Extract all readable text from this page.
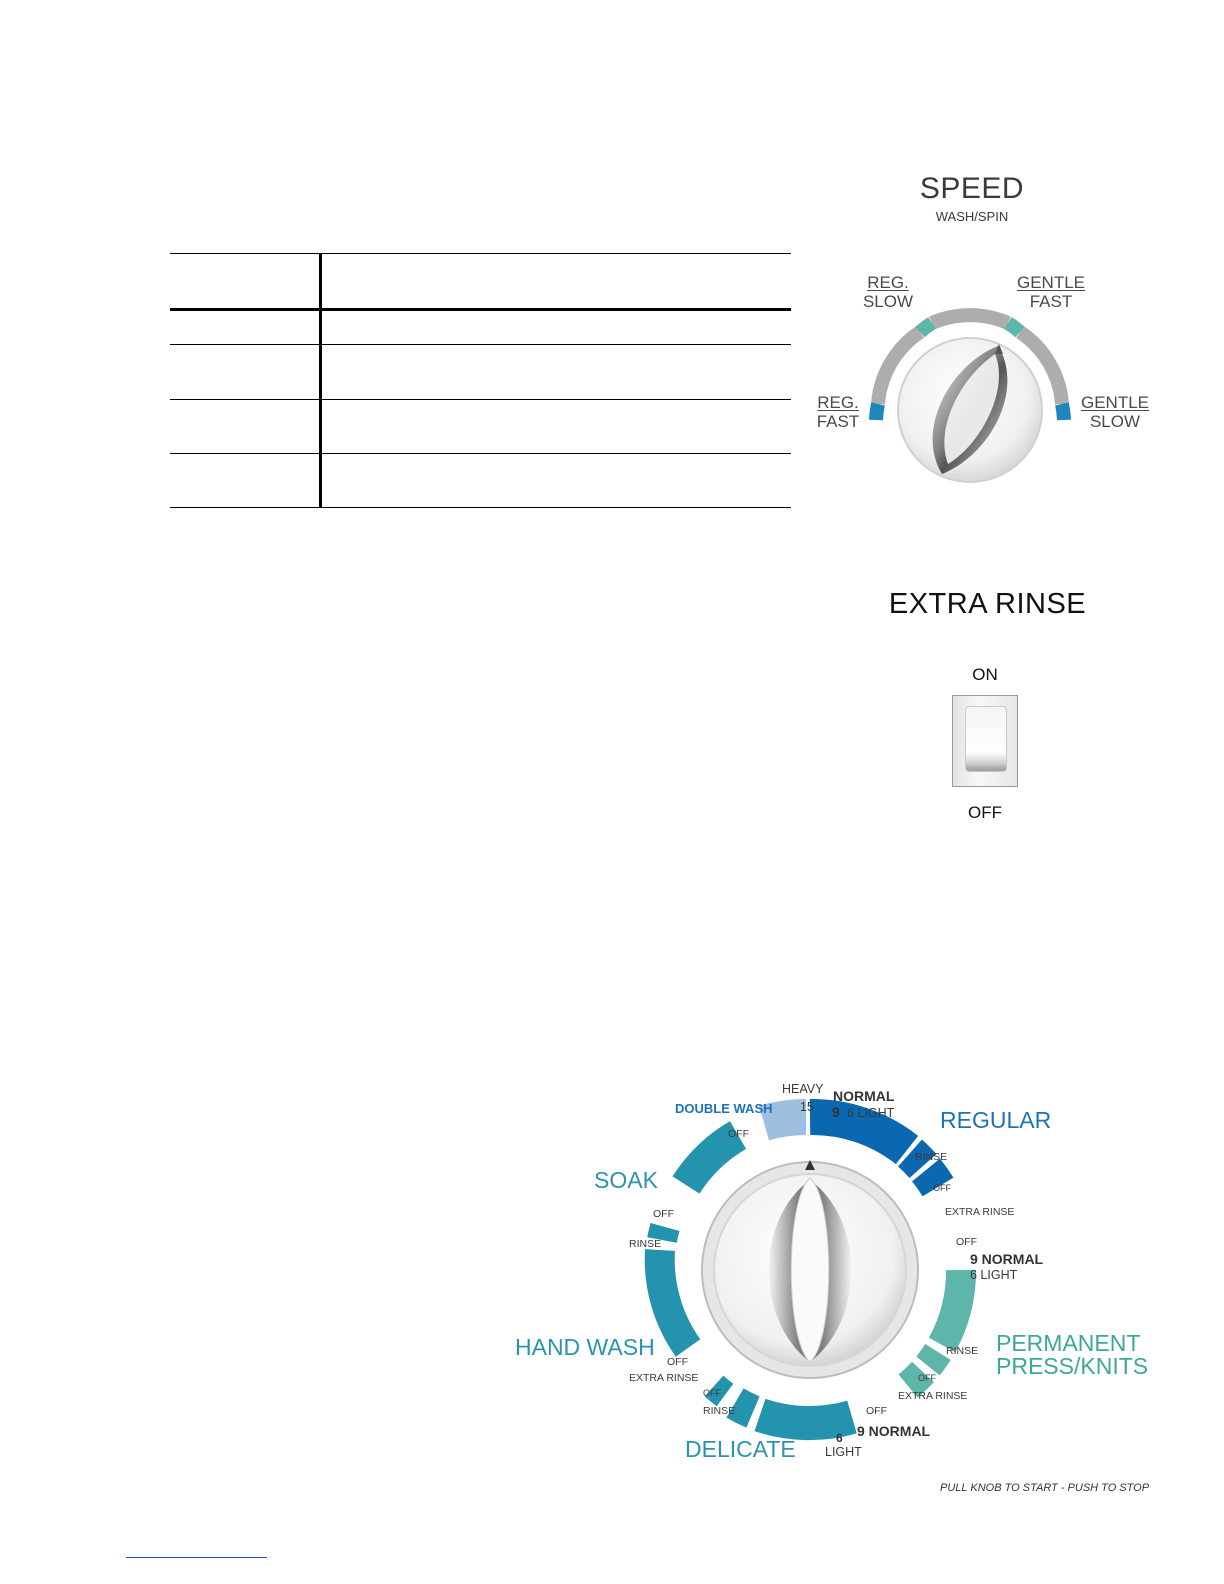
SPEED
WASH/SPIN
REG.
SLOW
GENTLE
FAST
REG.
FAST
GENTLE
SLOW
EXTRA RINSE
ON
OFF
HEAVY
15
NORMAL
9 6 LIGHT REGULAR
DOUBLE WASH
OFF
SOAK
OFF
RINSE
HAND WASH
OFF
EXTRA RINSE
OFF
RINSE
DELICATE	6
LIGHT
9 NORMAL
OFF
EXTRA RINSE
OFF
RINSE PERMANENT
PRESS/KNITS
9 NORMAL
6 LIGHT
OFF
EXTRA RINSE
OFF
RINSE
PULL KNOB TO START - PUSH TO STOP
